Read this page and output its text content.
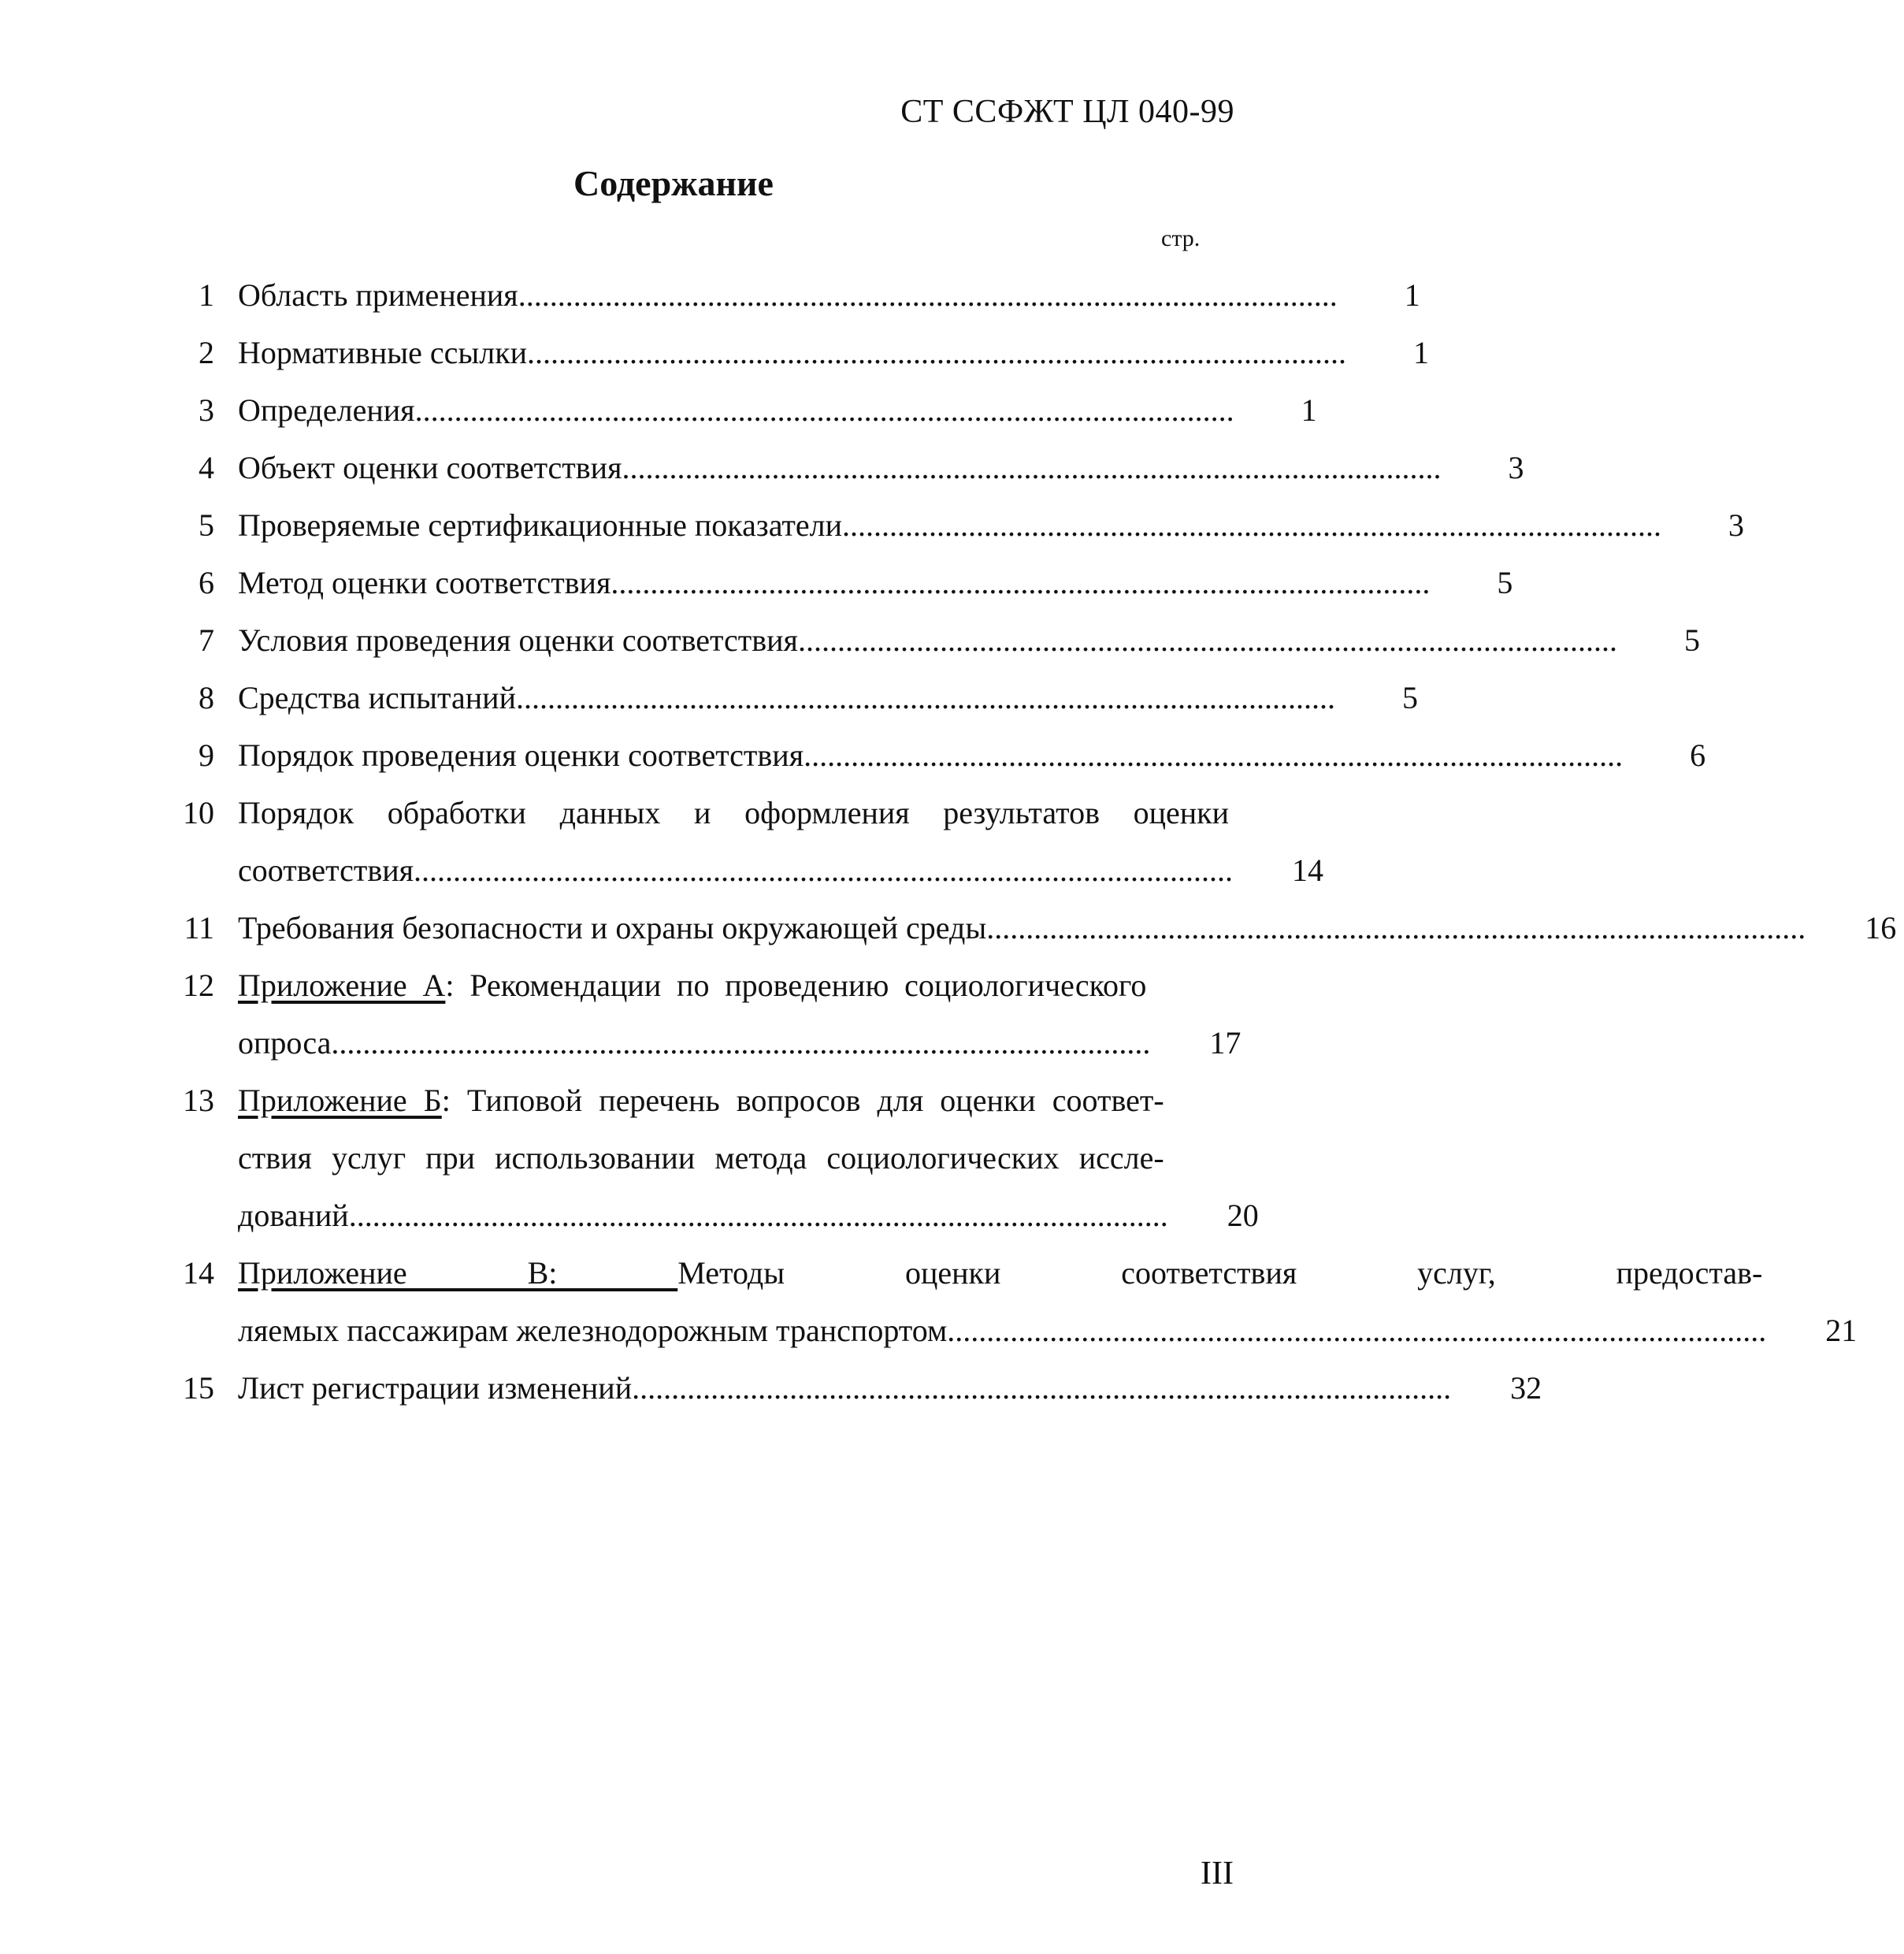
СТ ССФЖТ ЦЛ 040-99
Содержание
стр.
1 Область применения . . .	1
2 Нормативные ссылки . . .	1
3 Определения . . .	1
4 Объект оценки соответствия . . .	3
5 Проверяемые сертификационные показатели . . .	3
6 Метод оценки соответствия . . .	5
7 Условия проведения оценки соответствия . . .	5
8 Средства испытаний . . .	5
9 Порядок проведения оценки соответствия . . .	6
10 Порядок обработки данных и оформления результатов оценки
соответствия . . .	14
11 Требования безопасности и охраны окружающей среды . . .	16
12 Приложение А: Рекомендации по проведению социологического
опроса . . .	17
13 Приложение Б: Типовой перечень вопросов для оценки соответ-
ствия услуг при использовании метода социологических иссле-
дований . . .	20
14 Приложение В: Методы оценки соответствия услуг, предостав-
ляемых пассажирам железнодорожным транспортом . . .	21
15 Лист регистрации изменений . . .	32
III
